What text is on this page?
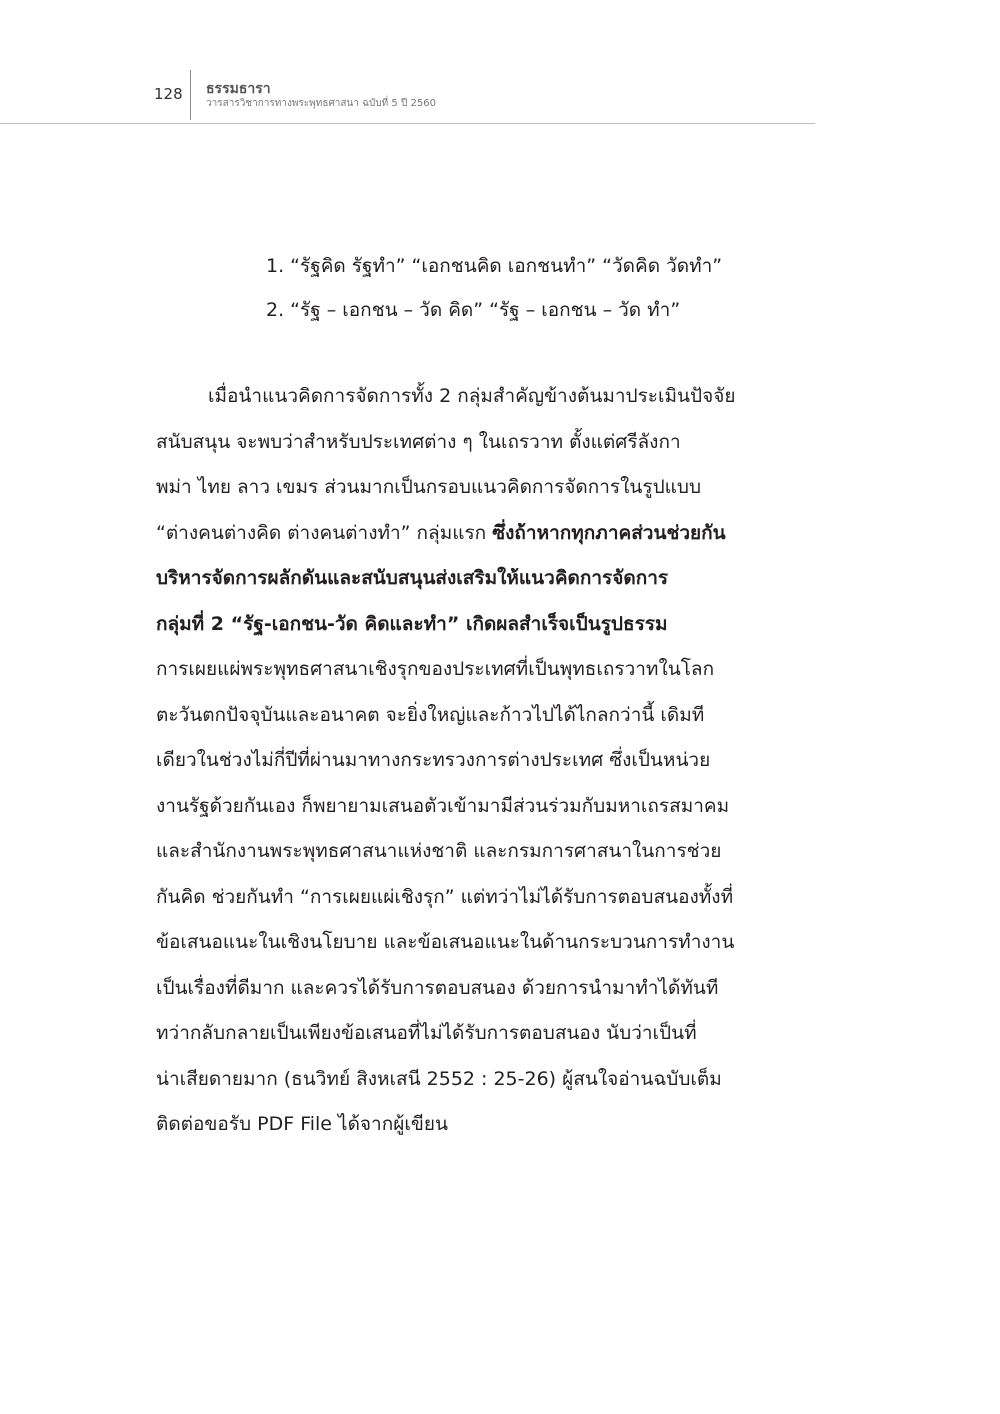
128 ธรรมธารา
วารสารวิชาการทางพระพุทธศาสนา ฉบับที่ 5 ปี 2560
1. “รัฐคิด รัฐทำ” “เอกชนคิด เอกชนทำ” “วัดคิด วัดทำ”
2. “รัฐ – เอกชน – วัด คิด” “รัฐ – เอกชน – วัด ทำ”
เมื่อนำแนวคิดการจัดการทั้ง 2 กลุ่มสำคัญข้างต้นมาประเมินปัจจัย
สนับสนุน จะพบว่าสำหรับประเทศต่าง ๆ ในเถรวาท ตั้งแต่ศรีลังกา
พม่า ไทย ลาว เขมร ส่วนมากเป็นกรอบแนวคิดการจัดการในรูปแบบ
“ต่างคนต่างคิด ต่างคนต่างทำ” กลุ่มแรก ซึ่งถ้าหากทุกภาคส่วนช่วยกัน
บริหารจัดการผลักดันและสนับสนุนส่งเสริมให้แนวคิดการจัดการ
กลุ่มที่ 2 “รัฐ-เอกชน-วัด คิดและทำ” เกิดผลสำเร็จเป็นรูปธรรม
การเผยแผ่พระพุทธศาสนาเชิงรุกของประเทศที่เป็นพุทธเถรวาทในโลก
ตะวันตกปัจจุบันและอนาคต จะยิ่งใหญ่และก้าวไปได้ไกลกว่านี้ เดิมที
เดียวในช่วงไม่กี่ปีที่ผ่านมาทางกระทรวงการต่างประเทศ ซึ่งเป็นหน่วย
งานรัฐด้วยกันเอง ก็พยายามเสนอตัวเข้ามามีส่วนร่วมกับมหาเถรสมาคม
และสำนักงานพระพุทธศาสนาแห่งชาติ และกรมการศาสนาในการช่วย
กันคิด ช่วยกันทำ “การเผยแผ่เชิงรุก” แต่ทว่าไม่ได้รับการตอบสนองทั้งที่
ข้อเสนอแนะในเชิงนโยบาย และข้อเสนอแนะในด้านกระบวนการทำงาน
เป็นเรื่องที่ดีมาก และควรได้รับการตอบสนอง ด้วยการนำมาทำได้ทันที
ทว่ากลับกลายเป็นเพียงข้อเสนอที่ไม่ได้รับการตอบสนอง นับว่าเป็นที่
น่าเสียดายมาก (ธนวิทย์ สิงหเสนี 2552 : 25-26) ผู้สนใจอ่านฉบับเต็ม
ติดต่อขอรับ PDF File ได้จากผู้เขียน
